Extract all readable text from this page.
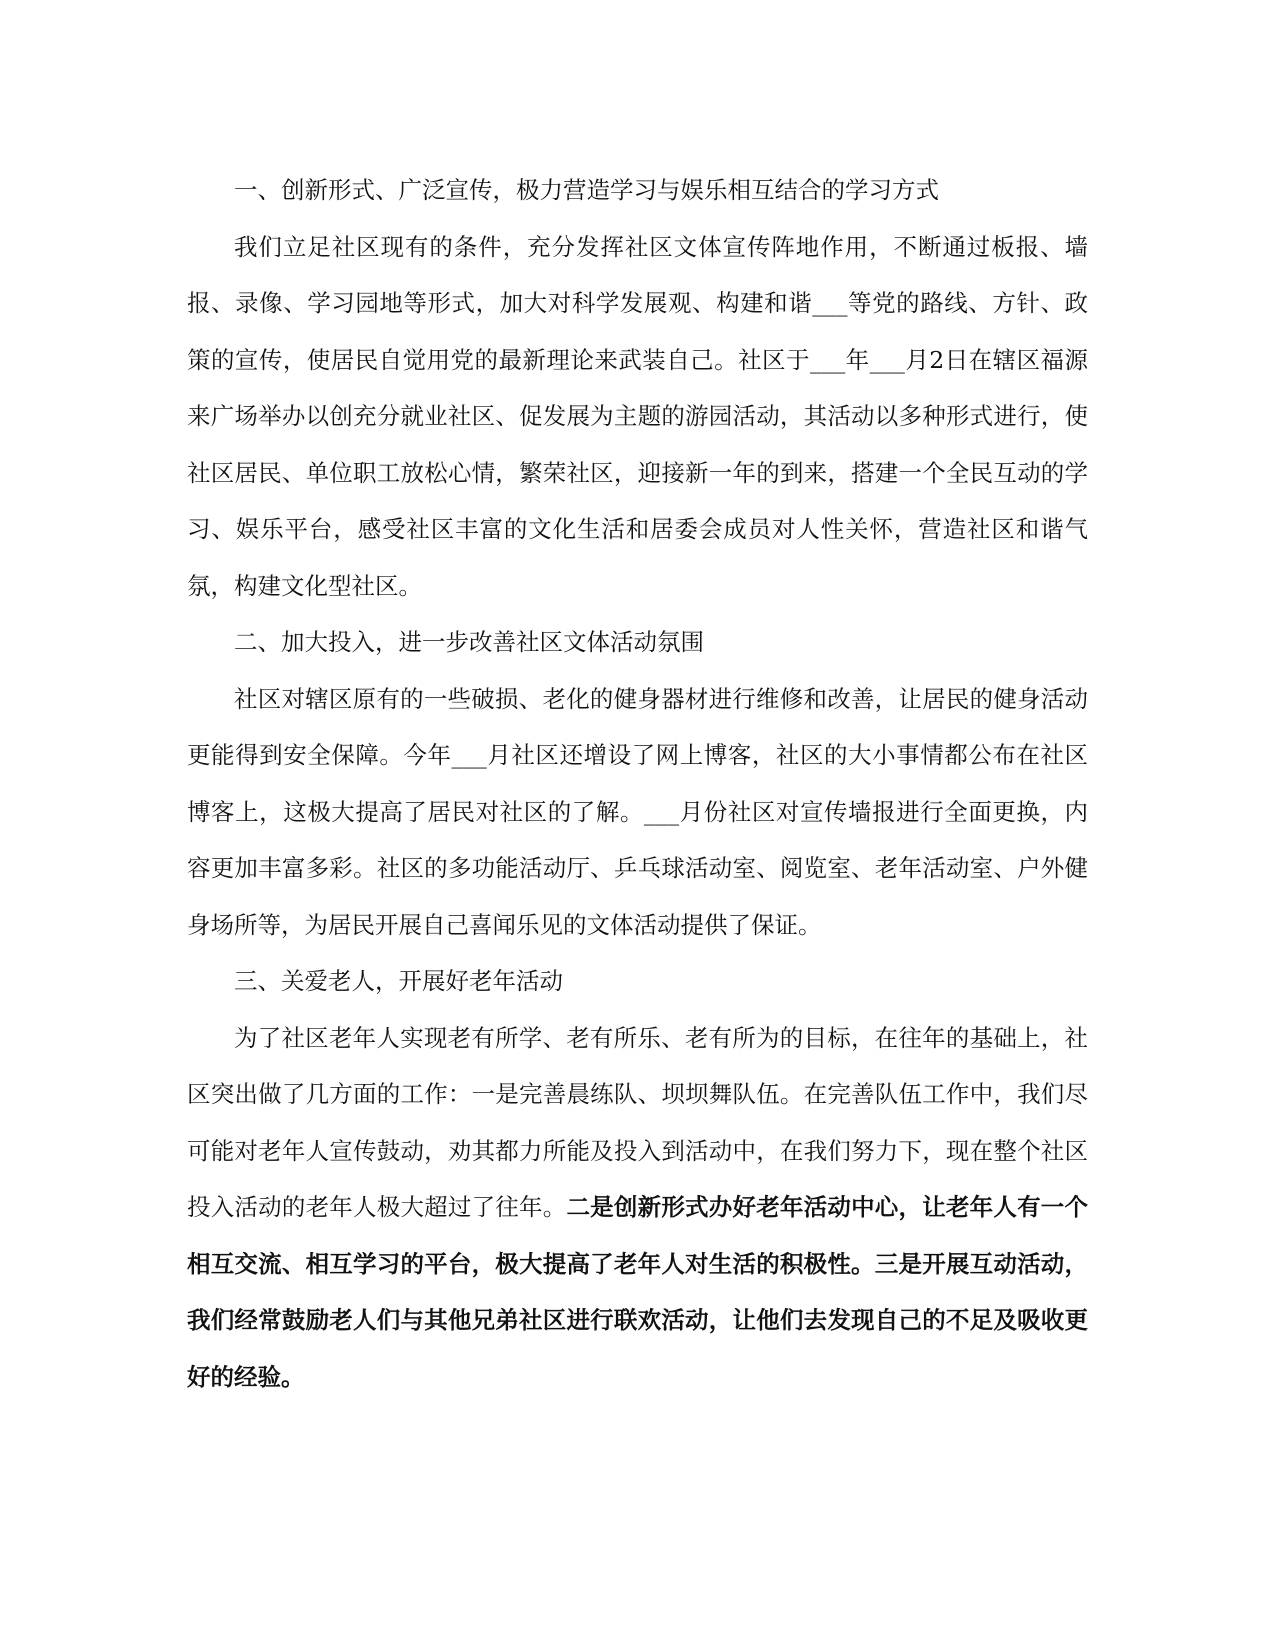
一、创新形式、广泛宣传，极力营造学习与娱乐相互结合的学习方式

我们立足社区现有的条件，充分发挥社区文体宣传阵地作用，不断通过板报、墙报、录像、学习园地等形式，加大对科学发展观、构建和谐___等党的路线、方针、政策的宣传，使居民自觉用党的最新理论来武装自己。社区于___年___月2日在辖区福源来广场举办以创充分就业社区、促发展为主题的游园活动，其活动以多种形式进行，使社区居民、单位职工放松心情，繁荣社区，迎接新一年的到来，搭建一个全民互动的学习、娱乐平台，感受社区丰富的文化生活和居委会成员对人性关怀，营造社区和谐气氛，构建文化型社区。

二、加大投入，进一步改善社区文体活动氛围

社区对辖区原有的一些破损、老化的健身器材进行维修和改善，让居民的健身活动更能得到安全保障。今年___月社区还增设了网上博客，社区的大小事情都公布在社区博客上，这极大提高了居民对社区的了解。___月份社区对宣传墙报进行全面更换，内容更加丰富多彩。社区的多功能活动厅、乒乓球活动室、阅览室、老年活动室、户外健身场所等，为居民开展自己喜闻乐见的文体活动提供了保证。

三、关爱老人，开展好老年活动

为了社区老年人实现老有所学、老有所乐、老有所为的目标，在往年的基础上，社区突出做了几方面的工作：一是完善晨练队、坝坝舞队伍。在完善队伍工作中，我们尽可能对老年人宣传鼓动，劝其都力所能及投入到活动中，在我们努力下，现在整个社区投入活动的老年人极大超过了往年。二是创新形式办好老年活动中心，让老年人有一个相互交流、相互学习的平台，极大提高了老年人对生活的积极性。三是开展互动活动，我们经常鼓励老人们与其他兄弟社区进行联欢活动，让他们去发现自己的不足及吸收更好的经验。
